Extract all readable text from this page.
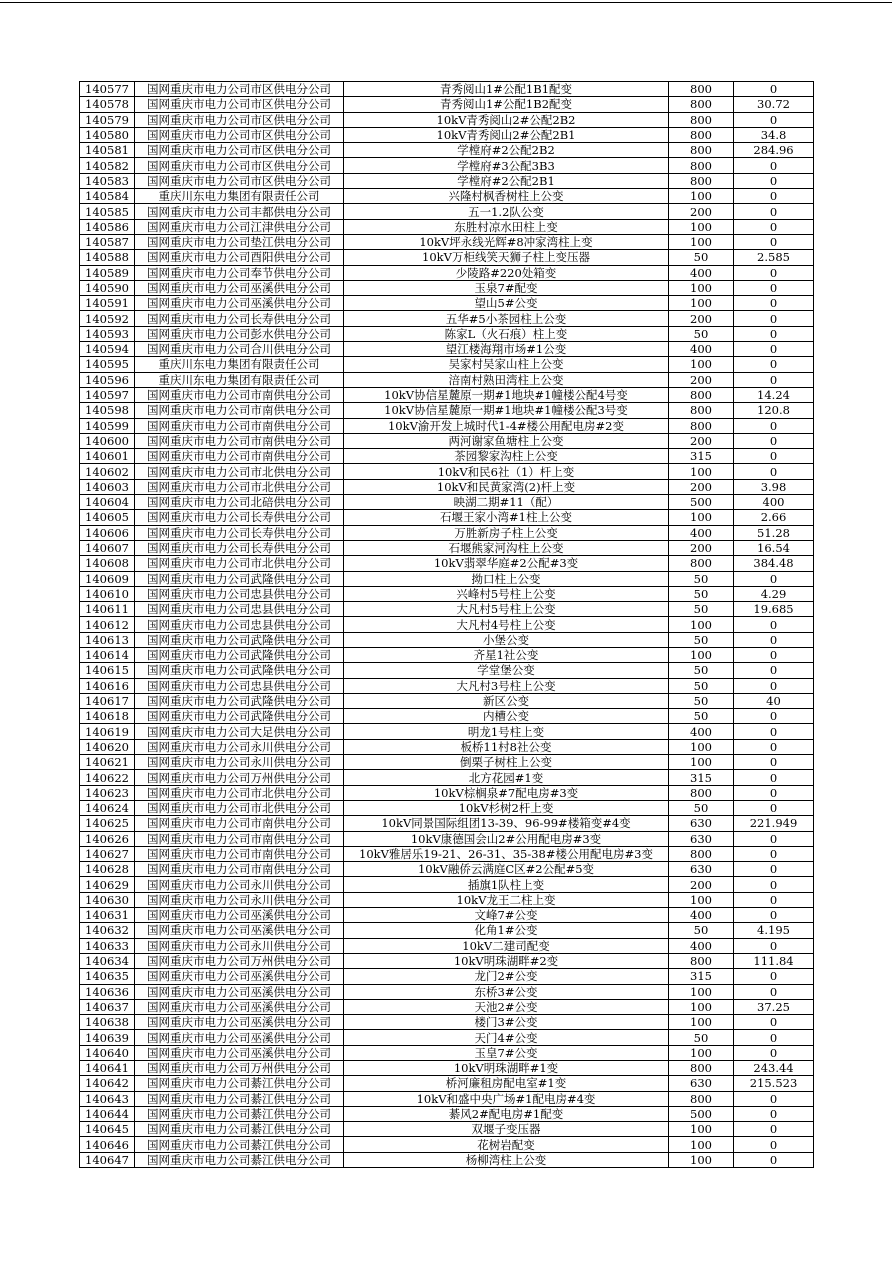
140577	国网重庆市电力公司市区供电分公司	青秀阅山1#公配1B1配变	800	0
140578	国网重庆市电力公司市区供电分公司	青秀阅山1#公配1B2配变	800	30.72
140579	国网重庆市电力公司市区供电分公司	10kV青秀阅山2#公配2B2	800	0
140580	国网重庆市电力公司市区供电分公司	10kV青秀阅山2#公配2B1	800	34.8
140581	国网重庆市电力公司市区供电分公司	学樘府#2公配2B2	800	284.96
140582	国网重庆市电力公司市区供电分公司	学樘府#3公配3B3	800	0
140583	国网重庆市电力公司市区供电分公司	学樘府#2公配2B1	800	0
140584	重庆川东电力集团有限责任公司	兴隆村枫香树柱上公变	100	0
140585	国网重庆市电力公司丰都供电分公司	五一1.2队公变	200	0
140586	国网重庆市电力公司江津供电分公司	东胜村凉水田柱上变	100	0
140587	国网重庆市电力公司垫江供电分公司	10kV坪永线光辉#8冲家湾柱上变	100	0
140588	国网重庆市电力公司酉阳供电分公司	10kV万柜线笑天狮子柱上变压器	50	2.585
140589	国网重庆市电力公司奉节供电分公司	少陵路#220处箱变	400	0
140590	国网重庆市电力公司巫溪供电分公司	玉泉7#配变	100	0
140591	国网重庆市电力公司巫溪供电分公司	望山5#公变	100	0
140592	国网重庆市电力公司长寿供电分公司	五华#5小茶园柱上公变	200	0
140593	国网重庆市电力公司彭水供电分公司	陈家L（火石痕）柱上变	50	0
140594	国网重庆市电力公司合川供电分公司	望江楼海翔市场#1公变	400	0
140595	重庆川东电力集团有限责任公司	吴家村吴家山柱上公变	100	0
140596	重庆川东电力集团有限责任公司	涪南村熟田湾柱上公变	200	0
140597	国网重庆市电力公司市南供电分公司	10kV协信星麓原一期#1地块#1幢楼公配4号变	800	14.24
140598	国网重庆市电力公司市南供电分公司	10kV协信星麓原一期#1地块#1幢楼公配3号变	800	120.8
140599	国网重庆市电力公司市南供电分公司	10kV渝开发上城时代1-4#楼公用配电房#2变	800	0
140600	国网重庆市电力公司市南供电分公司	两河谢家鱼塘柱上公变	200	0
140601	国网重庆市电力公司市南供电分公司	茶园黎家沟柱上公变	315	0
140602	国网重庆市电力公司市北供电分公司	10kV和民6社（1）杆上变	100	0
140603	国网重庆市电力公司市北供电分公司	10kV和民黄家湾(2)杆上变	200	3.98
140604	国网重庆市电力公司北碚供电分公司	映湖二期#11（配）	500	400
140605	国网重庆市电力公司长寿供电分公司	石堰王家小湾#1柱上公变	100	2.66
140606	国网重庆市电力公司长寿供电分公司	万胜新房子柱上公变	400	51.28
140607	国网重庆市电力公司长寿供电分公司	石堰熊家河沟柱上公变	200	16.54
140608	国网重庆市电力公司市北供电分公司	10kV翡翠华庭#2公配#3变	800	384.48
140609	国网重庆市电力公司武隆供电分公司	拗口柱上公变	50	0
140610	国网重庆市电力公司忠县供电分公司	兴峰村5号柱上公变	50	4.29
140611	国网重庆市电力公司忠县供电分公司	大凡村5号柱上公变	50	19.685
140612	国网重庆市电力公司忠县供电分公司	大凡村4号柱上公变	100	0
140613	国网重庆市电力公司武隆供电分公司	小堡公变	50	0
140614	国网重庆市电力公司武隆供电分公司	齐星1社公变	100	0
140615	国网重庆市电力公司武隆供电分公司	学堂堡公变	50	0
140616	国网重庆市电力公司忠县供电分公司	大凡村3号柱上公变	50	0
140617	国网重庆市电力公司武隆供电分公司	新区公变	50	40
140618	国网重庆市电力公司武隆供电分公司	内槽公变	50	0
140619	国网重庆市电力公司大足供电分公司	明龙1号柱上变	400	0
140620	国网重庆市电力公司永川供电分公司	板桥11村8社公变	100	0
140621	国网重庆市电力公司永川供电分公司	倒栗子树柱上公变	100	0
140622	国网重庆市电力公司万州供电分公司	北方花园#1变	315	0
140623	国网重庆市电力公司市北供电分公司	10kV棕榈泉#7配电房#3变	800	0
140624	国网重庆市电力公司市北供电分公司	10kV杉树2杆上变	50	0
140625	国网重庆市电力公司市南供电分公司	10kV同景国际组团13-39、96-99#楼箱变#4变	630	221.949
140626	国网重庆市电力公司市南供电分公司	10kV康德国会山2#公用配电房#3变	630	0
140627	国网重庆市电力公司市南供电分公司	10kV雅居乐19-21、26-31、35-38#楼公用配电房#3变	800	0
140628	国网重庆市电力公司市南供电分公司	10kV融侨云满庭C区#2公配#5变	630	0
140629	国网重庆市电力公司永川供电分公司	插旗1队柱上变	200	0
140630	国网重庆市电力公司永川供电分公司	10kV龙王二柱上变	100	0
140631	国网重庆市电力公司巫溪供电分公司	文峰7#公变	400	0
140632	国网重庆市电力公司巫溪供电分公司	化角1#公变	50	4.195
140633	国网重庆市电力公司永川供电分公司	10kV二建司配变	400	0
140634	国网重庆市电力公司万州供电分公司	10kV明珠湖畔#2变	800	111.84
140635	国网重庆市电力公司巫溪供电分公司	龙门2#公变	315	0
140636	国网重庆市电力公司巫溪供电分公司	东桥3#公变	100	0
140637	国网重庆市电力公司巫溪供电分公司	天池2#公变	100	37.25
140638	国网重庆市电力公司巫溪供电分公司	楼门3#公变	100	0
140639	国网重庆市电力公司巫溪供电分公司	天门4#公变	50	0
140640	国网重庆市电力公司巫溪供电分公司	玉皇7#公变	100	0
140641	国网重庆市电力公司万州供电分公司	10kV明珠湖畔#1变	800	243.44
140642	国网重庆市电力公司綦江供电分公司	桥河廉租房配电室#1变	630	215.523
140643	国网重庆市电力公司綦江供电分公司	10kV和盛中央广场#1配电房#4变	800	0
140644	国网重庆市电力公司綦江供电分公司	綦风2#配电房#1配变	500	0
140645	国网重庆市电力公司綦江供电分公司	双堰子变压器	100	0
140646	国网重庆市电力公司綦江供电分公司	花树岩配变	100	0
140647	国网重庆市电力公司綦江供电分公司	杨柳湾柱上公变	100	0
